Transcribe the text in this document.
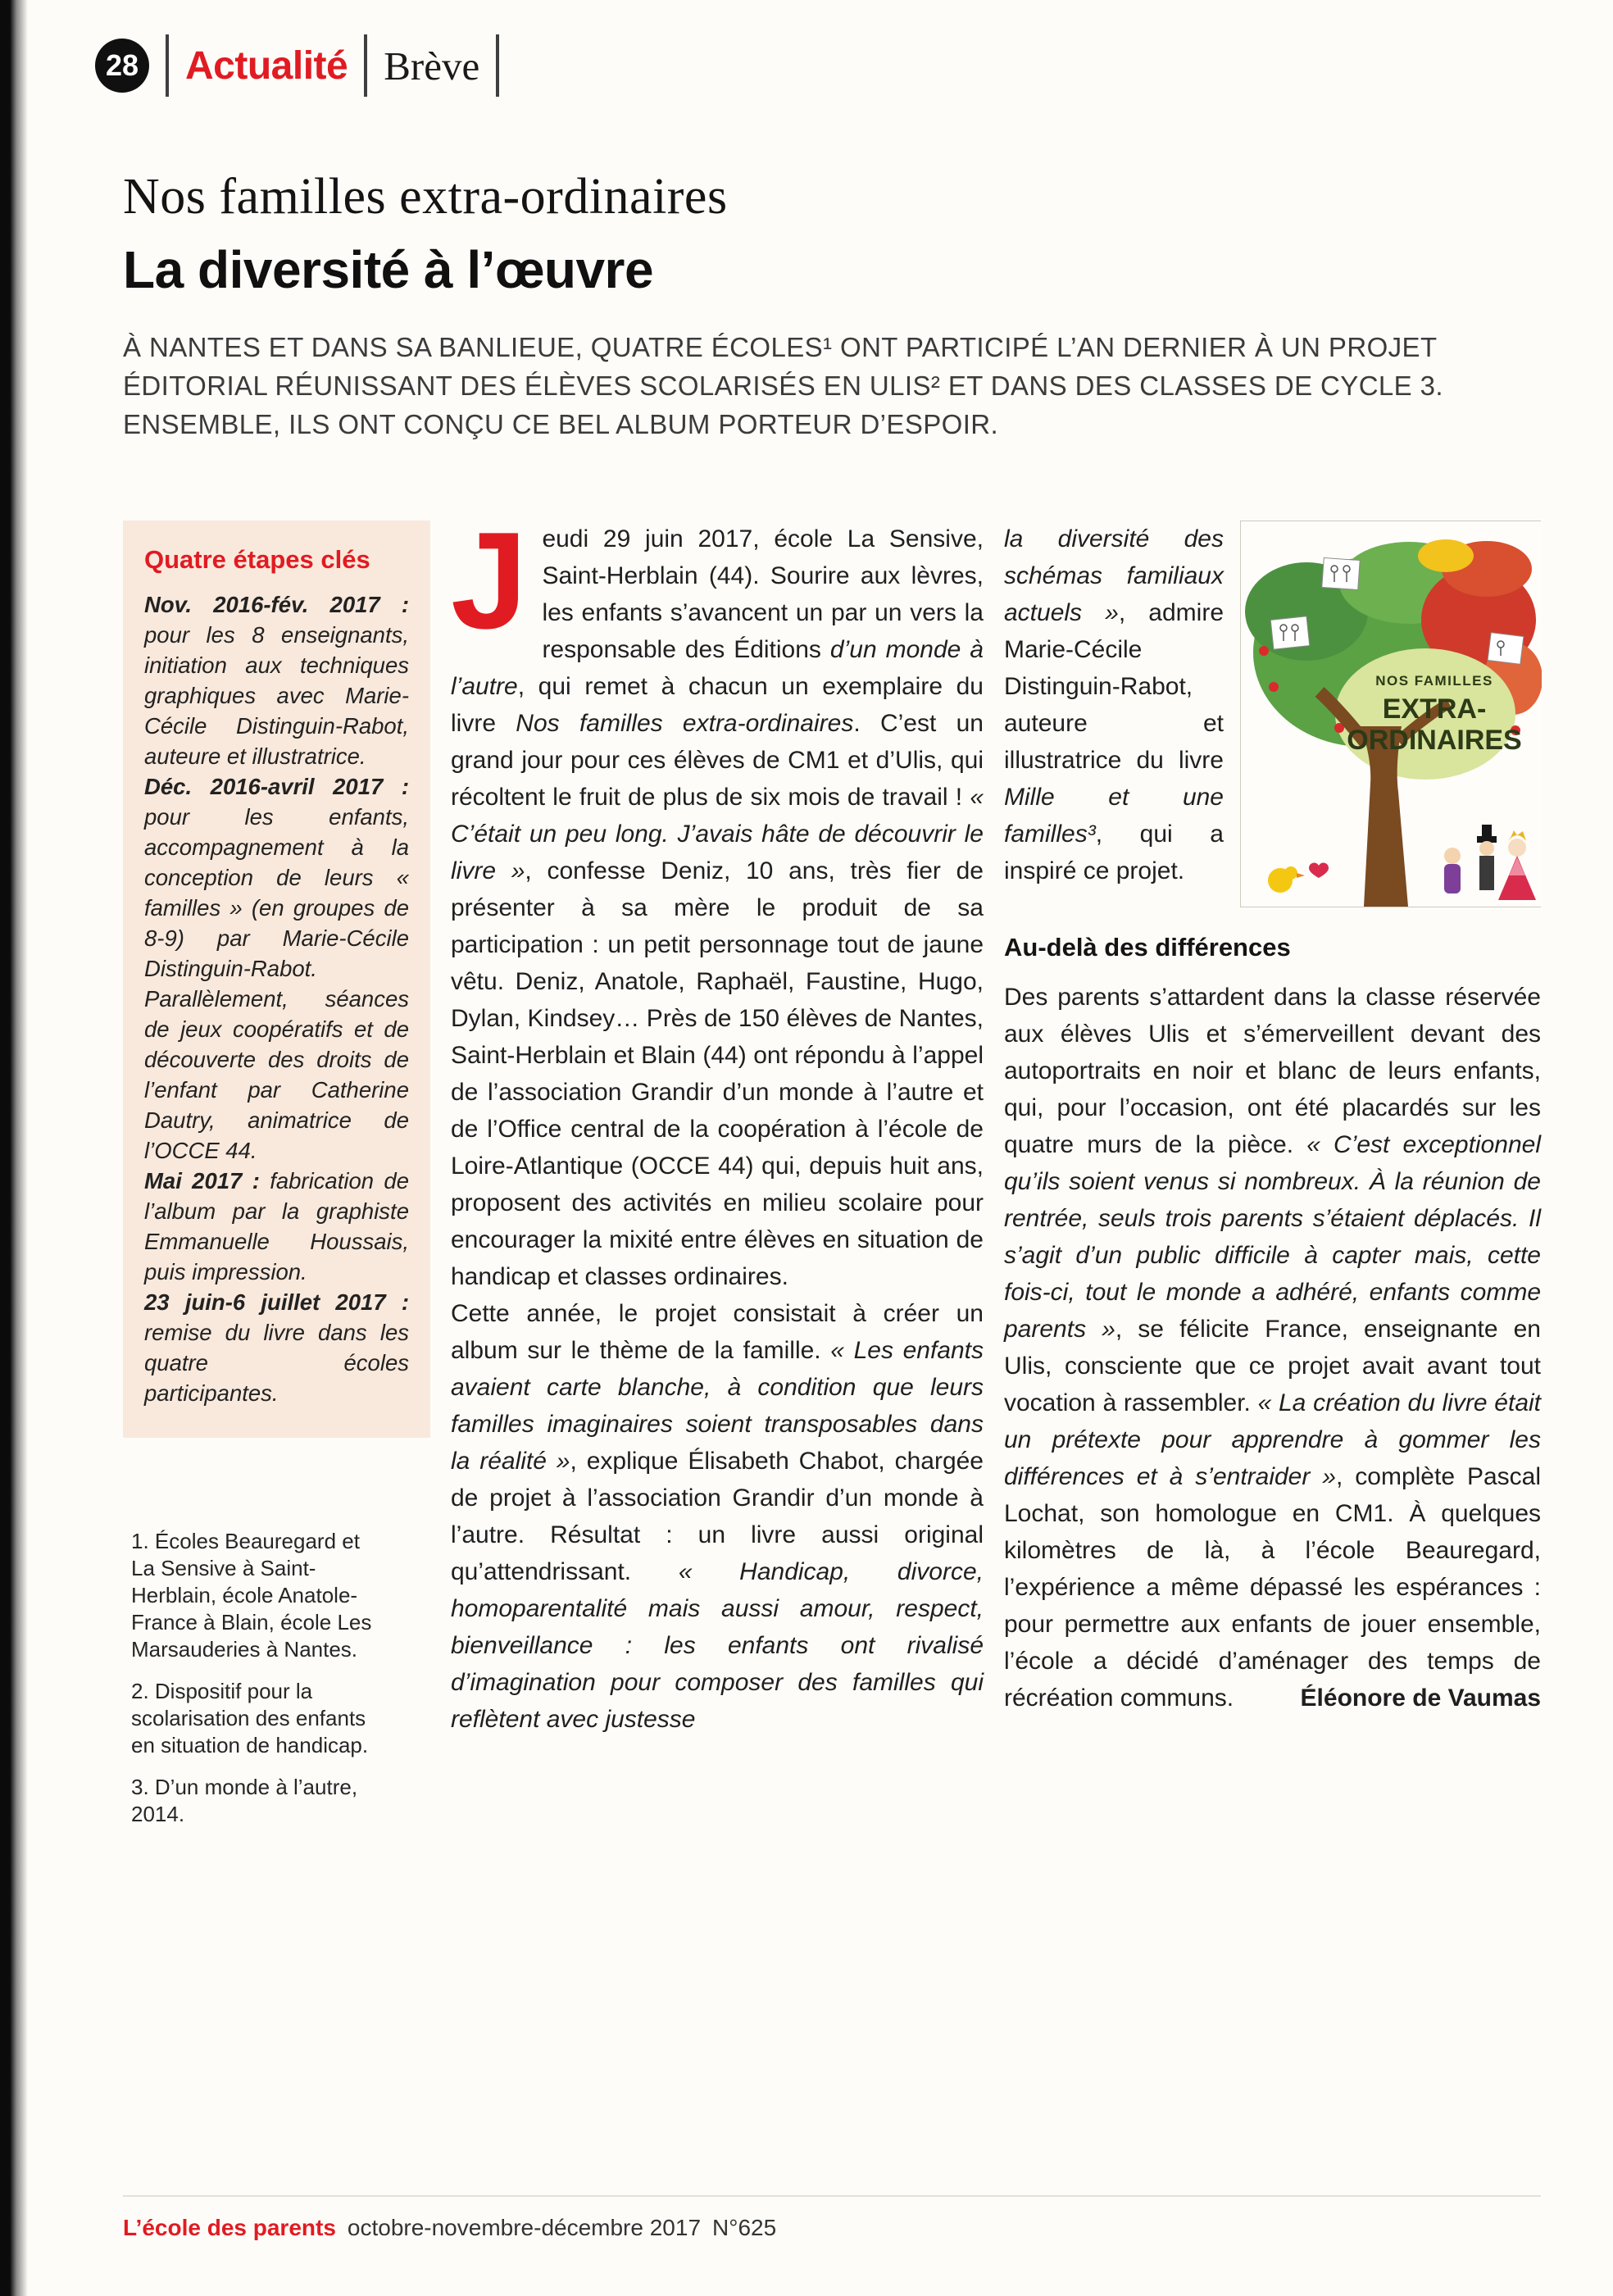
28 Actualité Brève
Nos familles extra-ordinaires
La diversité à l’œuvre

À NANTES ET DANS SA BANLIEUE, QUATRE ÉCOLES¹ ONT PARTICIPÉ L’AN DERNIER À UN PROJET ÉDITORIAL RÉUNISSANT DES ÉLÈVES SCOLARISÉS EN ULIS² ET DANS DES CLASSES DE CYCLE 3. ENSEMBLE, ILS ONT CONÇU CE BEL ALBUM PORTEUR D’ESPOIR.

Quatre étapes clés

Nov. 2016-fév. 2017 : pour les 8 enseignants, initiation aux techniques graphiques avec Marie-Cécile Distinguin-Rabot, auteure et illustratrice.

Déc. 2016-avril 2017 : pour les enfants, accompagnement à la conception de leurs « familles » (en groupes de 8-9) par Marie-Cécile Distinguin-Rabot. Parallèlement, séances de jeux coopératifs et de découverte des droits de l’enfant par Catherine Dautry, animatrice de l’OCCE 44.

Mai 2017 : fabrication de l’album par la graphiste Emmanuelle Houssais, puis impression.

23 juin-6 juillet 2017 : remise du livre dans les quatre écoles participantes.

1. Écoles Beauregard et La Sensive à Saint-Herblain, école Anatole-France à Blain, école Les Marsauderies à Nantes.

2. Dispositif pour la scolarisation des enfants en situation de handicap.

3. D’un monde à l’autre, 2014.

Jeudi 29 juin 2017, école La Sensive, Saint-Herblain (44). Sourire aux lèvres, les enfants s’avancent un par un vers la responsable des Éditions d’un monde à l’autre, qui remet à chacun un exemplaire du livre Nos familles extra-ordinaires. C’est un grand jour pour ces élèves de CM1 et d’Ulis, qui récoltent le fruit de plus de six mois de travail ! « C’était un peu long. J’avais hâte de découvrir le livre », confesse Deniz, 10 ans, très fier de présenter à sa mère le produit de sa participation : un petit personnage tout de jaune vêtu. Deniz, Anatole, Raphaël, Faustine, Hugo, Dylan, Kindsey… Près de 150 élèves de Nantes, Saint-Herblain et Blain (44) ont répondu à l’appel de l’association Grandir d’un monde à l’autre et de l’Office central de la coopération à l’école de Loire-Atlantique (OCCE 44) qui, depuis huit ans, proposent des activités en milieu scolaire pour encourager la mixité entre élèves en situation de handicap et classes ordinaires.

Cette année, le projet consistait à créer un album sur le thème de la famille. « Les enfants avaient carte blanche, à condition que leurs familles imaginaires soient transposables dans la réalité », explique Élisabeth Chabot, chargée de projet à l’association Grandir d’un monde à l’autre. Résultat : un livre aussi original qu’attendrissant. « Handicap, divorce, homoparentalité mais aussi amour, respect, bienveillance : les enfants ont rivalisé d’imagination pour composer des familles qui reflètent avec justesse

la diversité des schémas familiaux actuels », admire Marie-Cécile Distinguin-Rabot, auteure et illustratrice du livre Mille et une familles³, qui a inspiré ce projet.

NOS FAMILLES
EXTRA-
ORDINAIRES
Au-delà des différences

Des parents s’attardent dans la classe réservée aux élèves Ulis et s’émerveillent devant des autoportraits en noir et blanc de leurs enfants, qui, pour l’occasion, ont été placardés sur les quatre murs de la pièce. « C’est exceptionnel qu’ils soient venus si nombreux. À la réunion de rentrée, seuls trois parents s’étaient déplacés. Il s’agit d’un public difficile à capter mais, cette fois-ci, tout le monde a adhéré, enfants comme parents », se félicite France, enseignante en Ulis, consciente que ce projet avait avant tout vocation à rassembler. « La création du livre était un prétexte pour apprendre à gommer les différences et à s’entraider », complète Pascal Lochat, son homologue en CM1. À quelques kilomètres de là, à l’école Beauregard, l’expérience a même dépassé les espérances : pour permettre aux enfants de jouer ensemble, l’école a décidé d’aménager des temps de récréation communs.	Éléonore de Vaumas
L’école des parents octobre-novembre-décembre 2017 N°625
